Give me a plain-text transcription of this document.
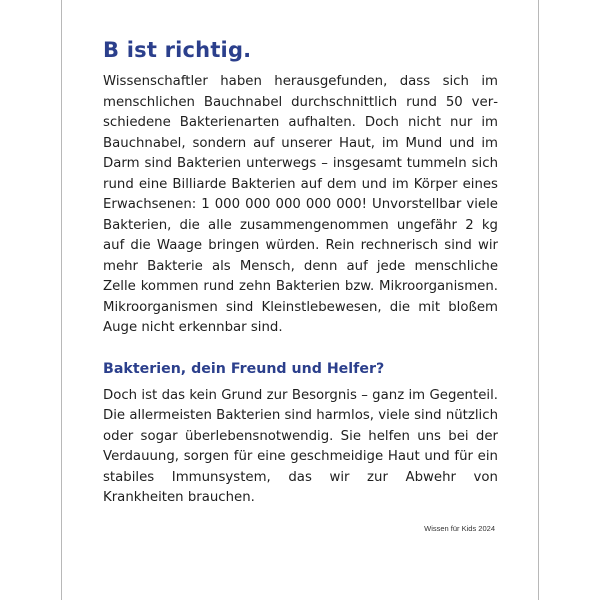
B ist richtig.

Wissenschaftler haben herausgefunden, dass sich im menschlichen Bauchnabel durchschnittlich rund 50 verschiedene Bakterienarten aufhalten. Doch nicht nur im Bauchnabel, sondern auf unserer Haut, im Mund und im Darm sind Bakterien unterwegs – insgesamt tummeln sich rund eine Billiarde Bakterien auf dem und im Körper eines Erwachsenen: 1 000 000 000 000 000! Unvorstellbar viele Bakterien, die alle zusammengenommen ungefähr 2 kg auf die Waage bringen würden. Rein rechnerisch sind wir mehr Bakterie als Mensch, denn auf jede menschliche Zelle kommen rund zehn Bakterien bzw. Mikroorganismen. Mikroorganismen sind Kleinstlebewesen, die mit bloßem Auge nicht erkennbar sind.

Bakterien, dein Freund und Helfer?

Doch ist das kein Grund zur Besorgnis – ganz im Gegenteil. Die allermeisten Bakterien sind harmlos, viele sind nützlich oder sogar überlebensnotwendig. Sie helfen uns bei der Verdauung, sorgen für eine geschmeidige Haut und für ein stabiles Immunsystem, das wir zur Abwehr von Krankheiten brauchen.

Wissen für Kids 2024
